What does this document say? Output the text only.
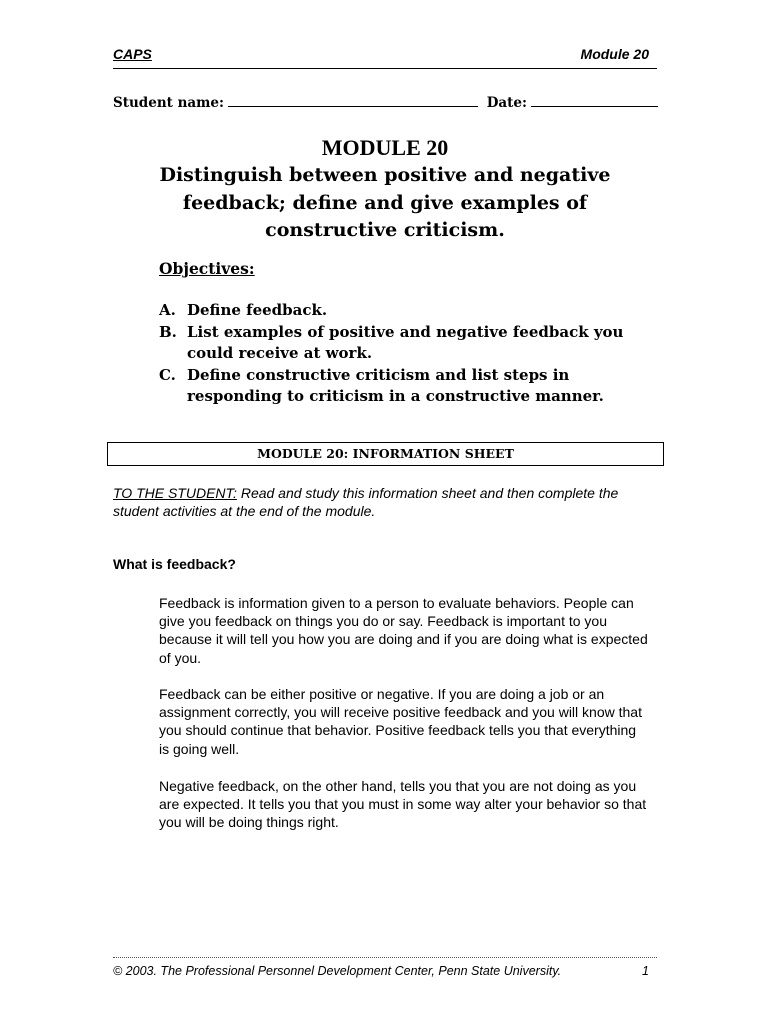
CAPS	Module 20
Student name:	Date:
MODULE 20
Distinguish between positive and negative
feedback; define and give examples of
constructive criticism.
Objectives:
A. Define feedback.
B. List examples of positive and negative feedback you could receive at work.
C. Define constructive criticism and list steps in responding to criticism in a constructive manner.
MODULE 20: INFORMATION SHEET
TO THE STUDENT: Read and study this information sheet and then complete the student activities at the end of the module.
What is feedback?
Feedback is information given to a person to evaluate behaviors. People can give you feedback on things you do or say. Feedback is important to you because it will tell you how you are doing and if you are doing what is expected of you.
Feedback can be either positive or negative. If you are doing a job or an assignment correctly, you will receive positive feedback and you will know that you should continue that behavior. Positive feedback tells you that everything is going well.
Negative feedback, on the other hand, tells you that you are not doing as you are expected. It tells you that you must in some way alter your behavior so that you will be doing things right.
© 2003. The Professional Personnel Development Center, Penn State University.	1
